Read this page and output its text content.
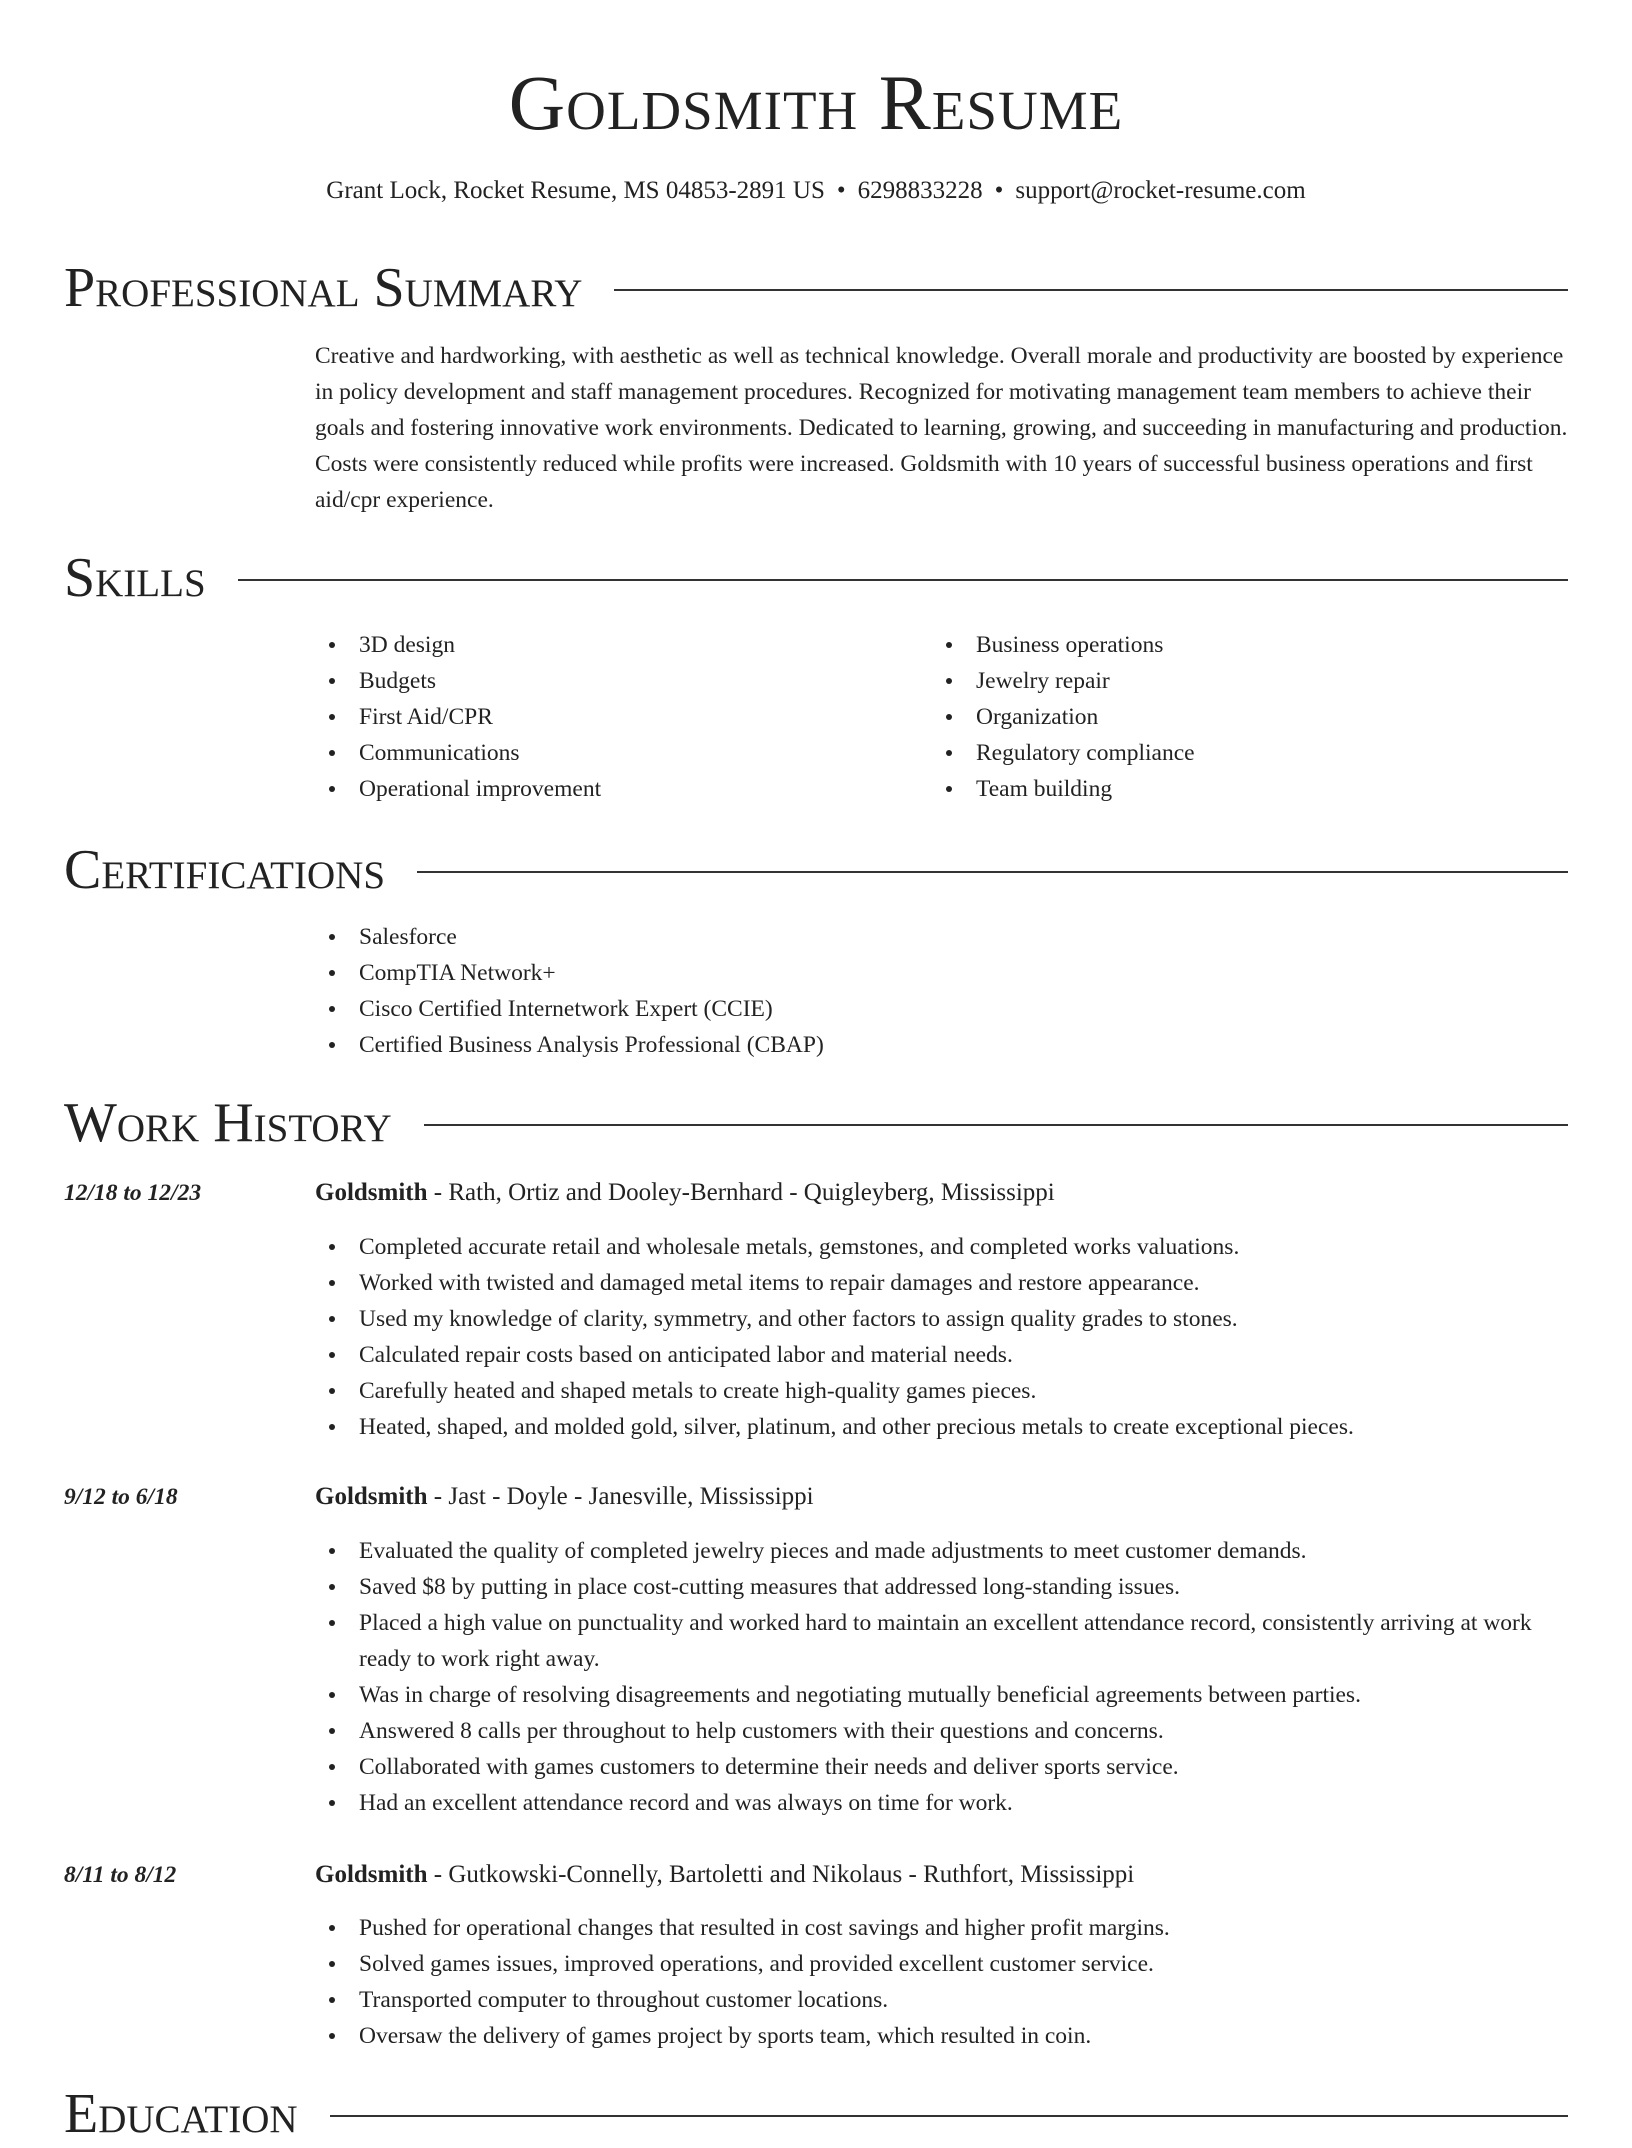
Goldsmith Resume
Grant Lock, Rocket Resume, MS 04853-2891 US • 6298833228 • support@rocket-resume.com
Professional Summary
Creative and hardworking, with aesthetic as well as technical knowledge. Overall morale and productivity are boosted by experience in policy development and staff management procedures. Recognized for motivating management team members to achieve their goals and fostering innovative work environments. Dedicated to learning, growing, and succeeding in manufacturing and production. Costs were consistently reduced while profits were increased. Goldsmith with 10 years of successful business operations and first aid/cpr experience.
Skills
3D design
Budgets
First Aid/CPR
Communications
Operational improvement
Business operations
Jewelry repair
Organization
Regulatory compliance
Team building
Certifications
Salesforce
CompTIA Network+
Cisco Certified Internetwork Expert (CCIE)
Certified Business Analysis Professional (CBAP)
Work History
12/18 to 12/23	Goldsmith - Rath, Ortiz and Dooley-Bernhard - Quigleyberg, Mississippi
Completed accurate retail and wholesale metals, gemstones, and completed works valuations.
Worked with twisted and damaged metal items to repair damages and restore appearance.
Used my knowledge of clarity, symmetry, and other factors to assign quality grades to stones.
Calculated repair costs based on anticipated labor and material needs.
Carefully heated and shaped metals to create high-quality games pieces.
Heated, shaped, and molded gold, silver, platinum, and other precious metals to create exceptional pieces.
9/12 to 6/18	Goldsmith - Jast - Doyle - Janesville, Mississippi
Evaluated the quality of completed jewelry pieces and made adjustments to meet customer demands.
Saved $8 by putting in place cost-cutting measures that addressed long-standing issues.
Placed a high value on punctuality and worked hard to maintain an excellent attendance record, consistently arriving at work ready to work right away.
Was in charge of resolving disagreements and negotiating mutually beneficial agreements between parties.
Answered 8 calls per throughout to help customers with their questions and concerns.
Collaborated with games customers to determine their needs and deliver sports service.
Had an excellent attendance record and was always on time for work.
8/11 to 8/12	Goldsmith - Gutkowski-Connelly, Bartoletti and Nikolaus - Ruthfort, Mississippi
Pushed for operational changes that resulted in cost savings and higher profit margins.
Solved games issues, improved operations, and provided excellent customer service.
Transported computer to throughout customer locations.
Oversaw the delivery of games project by sports team, which resulted in coin.
Education
